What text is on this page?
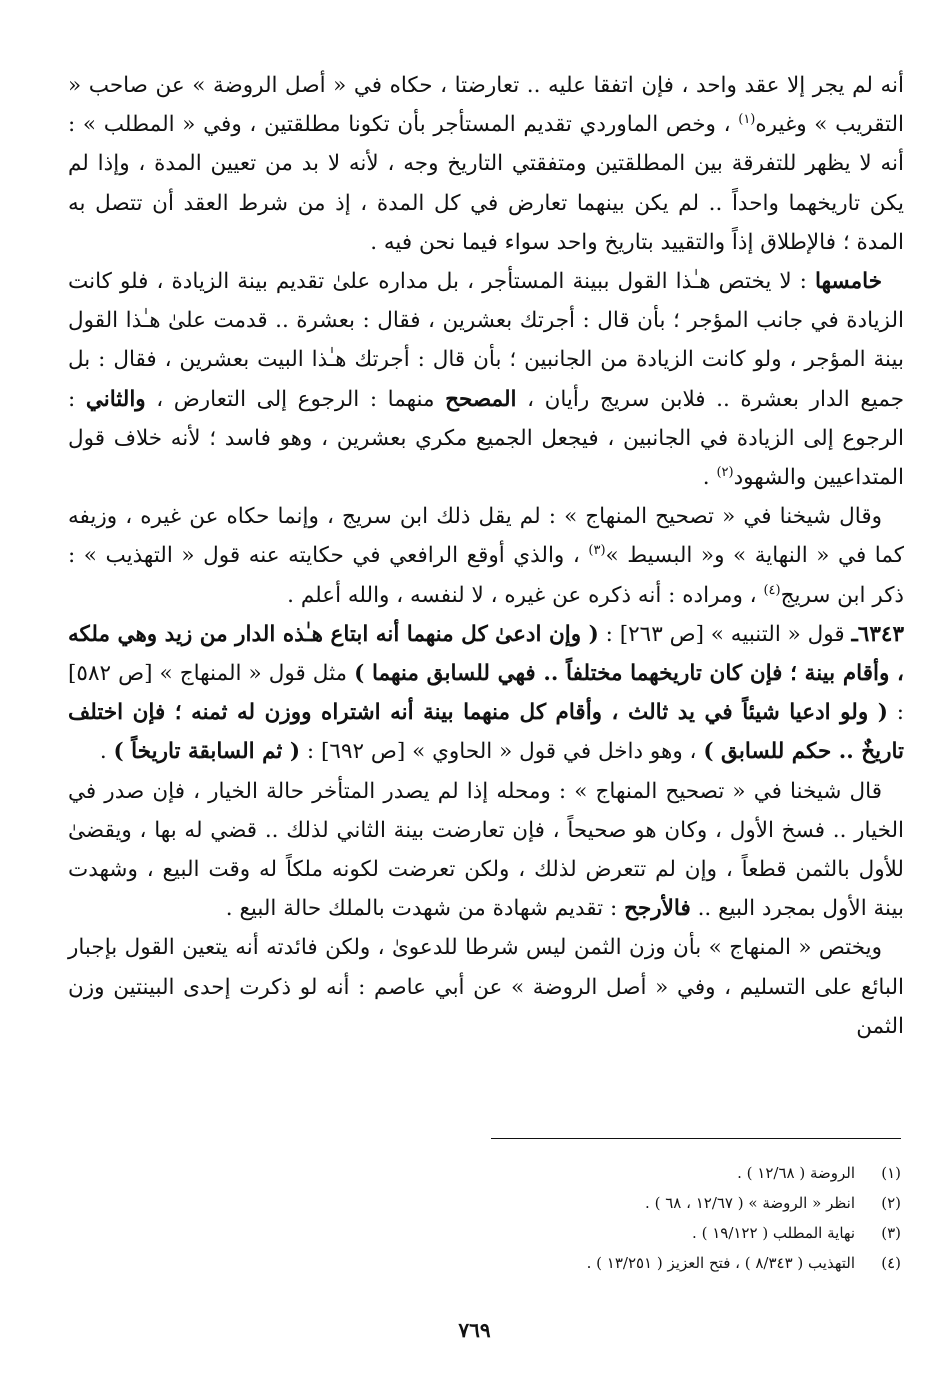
أنه لم يجر إلا عقد واحد ، فإن اتفقا عليه .. تعارضتا ، حكاه في « أصل الروضة » عن صاحب « التقريب » وغيره$^{(١)}$ ، وخص الماوردي تقديم المستأجر بأن تكونا مطلقتين ، وفي « المطلب » : أنه لا يظهر للتفرقة بين المطلقتين ومتفقتي التاريخ وجه ، لأنه لا بد من تعيين المدة ، وإذا لم يكن تاريخهما واحداً .. لم يكن بينهما تعارض في كل المدة ، إذ من شرط العقد أن تتصل به المدة ؛ فالإطلاق إذاً والتقييد بتاريخ واحد سواء فيما نحن فيه .

خامسها : لا يختص هـٰذا القول ببينة المستأجر ، بل مداره علىٰ تقديم بينة الزيادة ، فلو كانت الزيادة في جانب المؤجر ؛ بأن قال : أجرتك بعشرين ، فقال : بعشرة .. قدمت علىٰ هـٰذا القول بينة المؤجر ، ولو كانت الزيادة من الجانبين ؛ بأن قال : أجرتك هـٰذا البيت بعشرين ، فقال : بل جميع الدار بعشرة .. فلابن سريج رأيان ، المصحح منهما : الرجوع إلى التعارض ، والثاني : الرجوع إلى الزيادة في الجانبين ، فيجعل الجميع مكري بعشرين ، وهو فاسد ؛ لأنه خلاف قول المتداعيين والشهود$^{(٢)}$ .

وقال شيخنا في « تصحيح المنهاج » : لم يقل ذلك ابن سريج ، وإنما حكاه عن غيره ، وزيفه كما في « النهاية » و« البسيط »$^{(٣)}$ ، والذي أوقع الرافعي في حكايته عنه قول « التهذيب » : ذكر ابن سريج$^{(٤)}$ ، ومراده : أنه ذكره عن غيره ، لا لنفسه ، والله أعلم .

٦٣٤٣ـ قول « التنبيه » [ص ٢٦٣] : ( وإن ادعىٰ كل منهما أنه ابتاع هـٰذه الدار من زيد وهي ملكه ، وأقام بينة ؛ فإن كان تاريخهما مختلفاً .. فهي للسابق منهما ) مثل قول « المنهاج » [ص ٥٨٢] : ( ولو ادعيا شيئاً في يد ثالث ، وأقام كل منهما بينة أنه اشتراه ووزن له ثمنه ؛ فإن اختلف تاريخٌ .. حكم للسابق ) ، وهو داخل في قول « الحاوي » [ص ٦٩٢] : ( ثم السابقة تاريخاً ) .

قال شيخنا في « تصحيح المنهاج » : ومحله إذا لم يصدر المتأخر حالة الخيار ، فإن صدر في الخيار .. فسخ الأول ، وكان هو صحيحاً ، فإن تعارضت بينة الثاني لذلك .. قضي له بها ، ويقضىٰ للأول بالثمن قطعاً ، وإن لم تتعرض لذلك ، ولكن تعرضت لكونه ملكاً له وقت البيع ، وشهدت بينة الأول بمجرد البيع .. فالأرجح : تقديم شهادة من شهدت بالملك حالة البيع .

ويختص « المنهاج » بأن وزن الثمن ليس شرطا للدعوىٰ ، ولكن فائدته أنه يتعين القول بإجبار البائع على التسليم ، وفي « أصل الروضة » عن أبي عاصم : أنه لو ذكرت إحدى البينتين وزن الثمن

(١)
الروضة ( ١٢/٦٨ ) .
(٢)
انظر « الروضة » ( ١٢/٦٧ ، ٦٨ ) .
(٣)
نهاية المطلب ( ١٩/١٢٢ ) .
(٤)
التهذيب ( ٨/٣٤٣ ) ، فتح العزيز ( ١٣/٢٥١ ) .
٧٦٩
